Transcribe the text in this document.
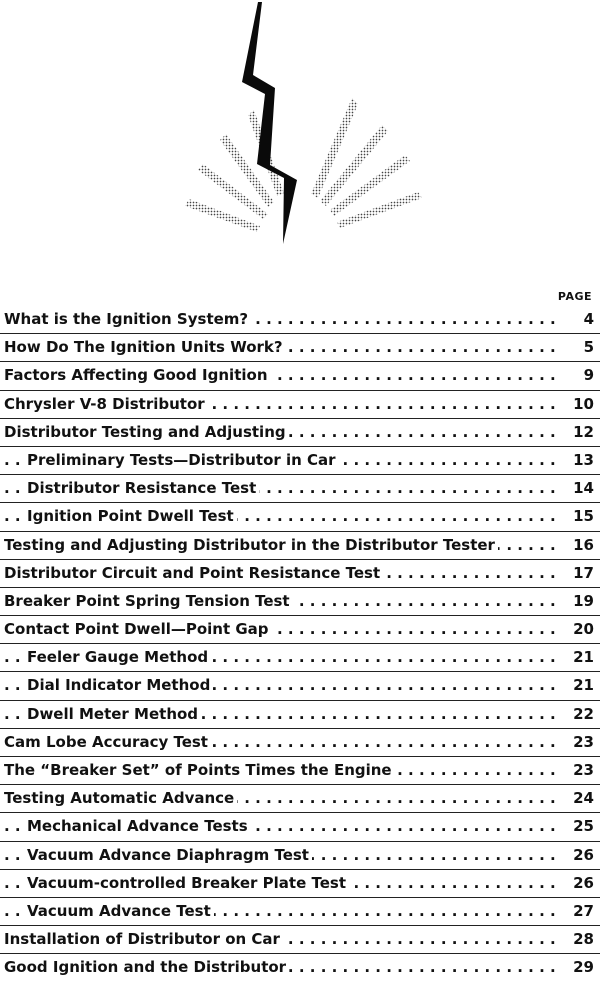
PAGE
What is the Ignition System? . . .	4
How Do The Ignition Units Work? . . .	5
Factors Affecting Good Ignition . . .	9
Chrysler V-8 Distributor . . .	10
Distributor Testing and Adjusting . . .	12
Preliminary Tests—Distributor in Car . . .	13
Distributor Resistance Test . . .	14
Ignition Point Dwell Test . . .	15
Testing and Adjusting Distributor in the Distributor Tester . . .	16
Distributor Circuit and Point Resistance Test . . .	17
Breaker Point Spring Tension Test . . .	19
Contact Point Dwell—Point Gap . . .	20
Feeler Gauge Method . . .	21
Dial Indicator Method . . .	21
Dwell Meter Method . . .	22
Cam Lobe Accuracy Test . . .	23
The “Breaker Set” of Points Times the Engine . . .	23
Testing Automatic Advance . . .	24
Mechanical Advance Tests . . .	25
Vacuum Advance Diaphragm Test . . .	26
Vacuum-controlled Breaker Plate Test . . .	26
Vacuum Advance Test . . .	27
Installation of Distributor on Car . . .	28
Good Ignition and the Distributor . . .	29
